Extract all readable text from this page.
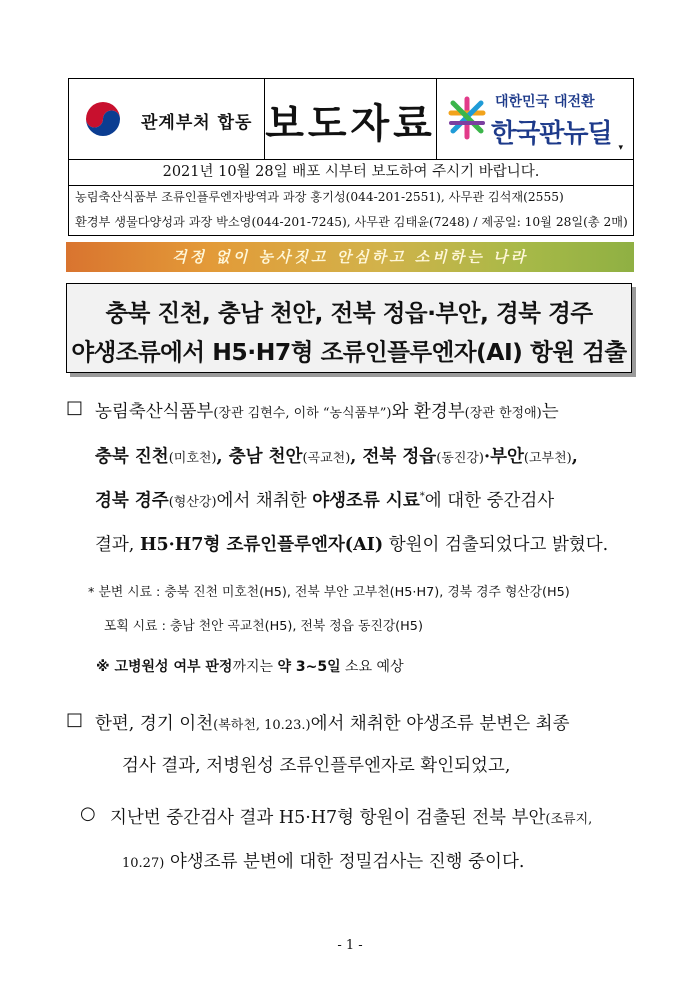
관계부처 합동 보도자료	대한민국 대전환
한국판뉴딜 ▾
2021년 10월 28일 배포 시부터 보도하여 주시기 바랍니다.
농림축산식품부 조류인플루엔자방역과 과장 홍기성(044-201-2551), 사무관 김석재(2555)
환경부 생물다양성과 과장 박소영(044-201-7245), 사무관 김태윤(7248) / 제공일: 10월 28일(총 2매)
걱정 없이 농사짓고 안심하고 소비하는 나라
충북 진천, 충남 천안, 전북 정읍·부안, 경북 경주
야생조류에서 H5·H7형 조류인플루엔자(AI) 항원 검출
□ 농림축산식품부(장관 김현수, 이하 “농식품부”)와 환경부(장관 한정애)는
충북 진천(미호천), 충남 천안(곡교천), 전북 정읍(동진강)·부안(고부천),
경북 경주(형산강)에서 채취한 야생조류 시료*에 대한 중간검사
결과, H5·H7형 조류인플루엔자(AI) 항원이 검출되었다고 밝혔다.
* 분변 시료 : 충북 진천 미호천(H5), 전북 부안 고부천(H5·H7), 경북 경주 형산강(H5)
포획 시료 : 충남 천안 곡교천(H5), 전북 정읍 동진강(H5)
※ 고병원성 여부 판정까지는 약 3~5일 소요 예상
□ 한편, 경기 이천(복하천, 10.23.)에서 채취한 야생조류 분변은 최종
검사 결과, 저병원성 조류인플루엔자로 확인되었고,
○ 지난번 중간검사 결과 H5·H7형 항원이 검출된 전북 부안(조류지,
10.27) 야생조류 분변에 대한 정밀검사는 진행 중이다.
- 1 -
